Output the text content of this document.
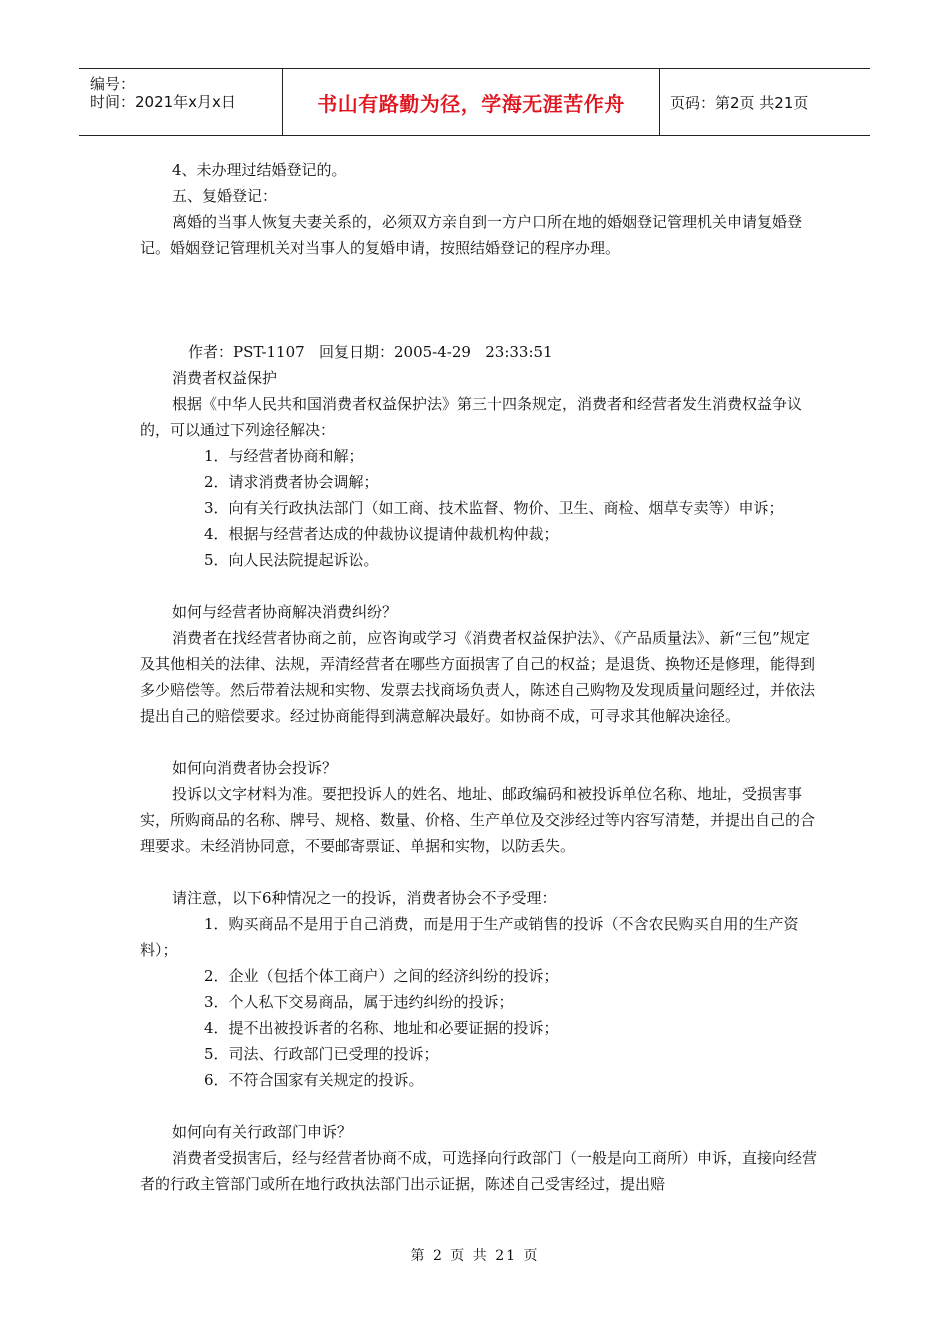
编号：
时间：2021年x月x日	书山有路勤为径，学海无涯苦作舟	页码：第2页 共21页

4、未办理过结婚登记的。

五、复婚登记：

离婚的当事人恢复夫妻关系的，必须双方亲自到一方户口所在地的婚姻登记管理机关申请复婚登记。婚姻登记管理机关对当事人的复婚申请，按照结婚登记的程序办理。

作者：PST-1107   回复日期：2005-4-29   23:33:51

消费者权益保护

根据《中华人民共和国消费者权益保护法》第三十四条规定，消费者和经营者发生消费权益争议的，可以通过下列途径解决：

1．与经营者协商和解；

2．请求消费者协会调解；

3．向有关行政执法部门（如工商、技术监督、物价、卫生、商检、烟草专卖等）申诉；

4．根据与经营者达成的仲裁协议提请仲裁机构仲裁；

5．向人民法院提起诉讼。

如何与经营者协商解决消费纠纷？

消费者在找经营者协商之前，应咨询或学习《消费者权益保护法》、《产品质量法》、新“三包”规定及其他相关的法律、法规，弄清经营者在哪些方面损害了自己的权益；是退货、换物还是修理，能得到多少赔偿等。然后带着法规和实物、发票去找商场负责人，陈述自己购物及发现质量问题经过，并依法提出自己的赔偿要求。经过协商能得到满意解决最好。如协商不成，可寻求其他解决途径。

如何向消费者协会投诉？

投诉以文字材料为准。要把投诉人的姓名、地址、邮政编码和被投诉单位名称、地址，受损害事实，所购商品的名称、牌号、规格、数量、价格、生产单位及交涉经过等内容写清楚，并提出自己的合理要求。未经消协同意，不要邮寄票证、单据和实物，以防丢失。

请注意，以下6种情况之一的投诉，消费者协会不予受理：

1．购买商品不是用于自己消费，而是用于生产或销售的投诉（不含农民购买自用的生产资料）；

2．企业（包括个体工商户）之间的经济纠纷的投诉；

3．个人私下交易商品，属于违约纠纷的投诉；

4．提不出被投诉者的名称、地址和必要证据的投诉；

5．司法、行政部门已受理的投诉；

6．不符合国家有关规定的投诉。

如何向有关行政部门申诉？

消费者受损害后，经与经营者协商不成，可选择向行政部门（一般是向工商所）申诉，直接向经营者的行政主管部门或所在地行政执法部门出示证据，陈述自己受害经过，提出赔

第 2 页 共 21 页
